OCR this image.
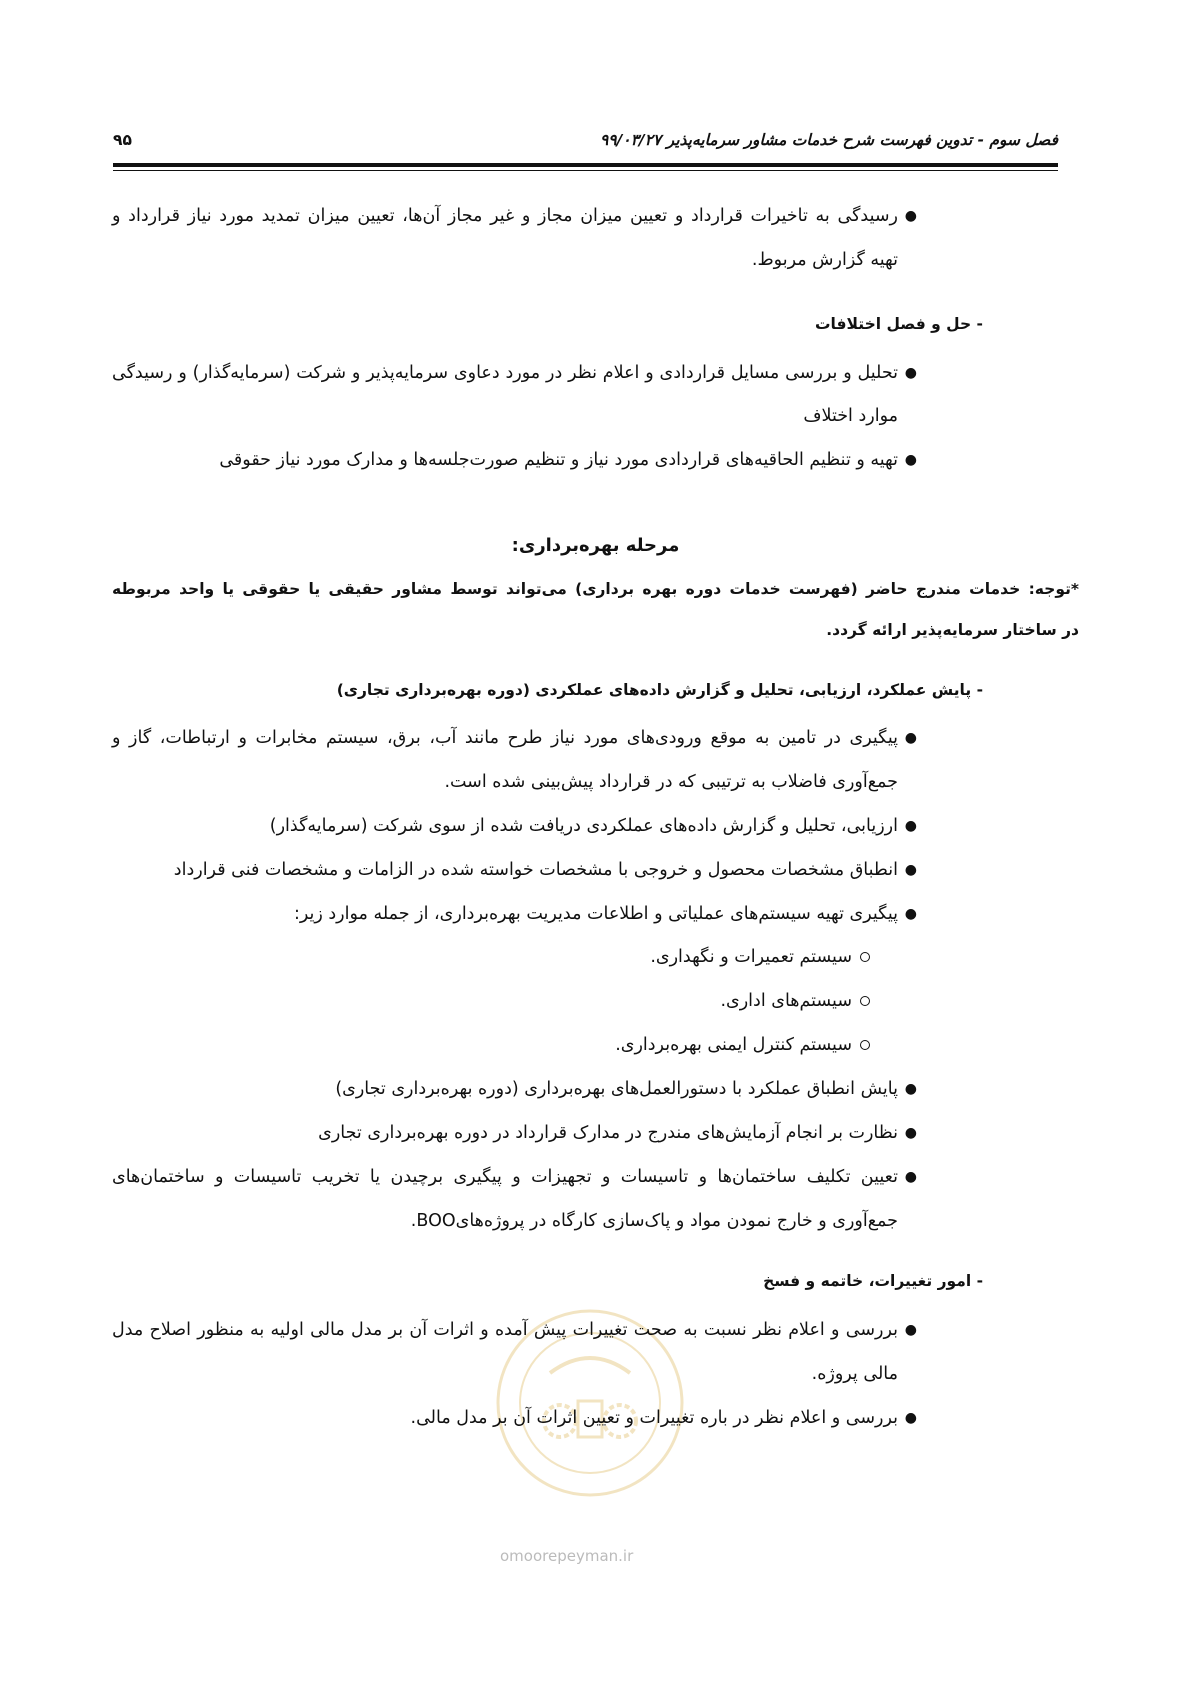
فصل سوم - تدوین فهرست شرح خدمات مشاور سرمایه‌پذیر ۹۹/۰۳/۲۷
۹۵
●
رسیدگی به تاخیرات قرارداد و تعیین میزان مجاز و غیر مجاز آن‌ها، تعیین میزان تمدید مورد نیاز قرارداد و
تهیه گزارش مربوط.
- حل و فصل اختلافات
●
تحلیل و بررسی مسایل قراردادی و اعلام نظر در مورد دعاوی سرمایه‌پذیر و شرکت (سرمایه‌گذار) و رسیدگی
موارد اختلاف
●
تهیه و تنظیم الحاقیه‌های قراردادی مورد نیاز و تنظیم صورت‌جلسه‌ها و مدارک مورد نیاز حقوقی
مرحله بهره‌برداری:
*توجه: خدمات مندرج حاضر (فهرست خدمات دوره بهره برداری) می‌تواند توسط مشاور حقیقی یا حقوقی یا واحد مربوطه
در ساختار سرمایه‌پذیر ارائه گردد.
- پایش عملکرد، ارزیابی، تحلیل و گزارش داده‌های عملکردی (دوره بهره‌برداری تجاری)
●
پیگیری در تامین به موقع ورودی‌های مورد نیاز طرح مانند آب، برق، سیستم مخابرات و ارتباطات، گاز و
جمع‌آوری فاضلاب به ترتیبی که در قرارداد پیش‌بینی شده است.
●
ارزیابی، تحلیل و گزارش داده‌های عملکردی دریافت شده از سوی شرکت (سرمایه‌گذار)
●
انطباق مشخصات محصول و خروجی با مشخصات خواسته شده در الزامات و مشخصات فنی قرارداد
●
پیگیری تهیه سیستم‌های عملیاتی و اطلاعات مدیریت بهره‌برداری، از جمله موارد زیر:
سیستم تعمیرات و نگهداری.
سیستم‌های اداری.
سیستم کنترل ایمنی بهره‌برداری.
●
پایش انطباق عملکرد با دستورالعمل‌های بهره‌برداری (دوره بهره‌برداری تجاری)
●
نظارت بر انجام آزمایش‌های مندرج در مدارک قرارداد در دوره بهره‌برداری تجاری
●
تعیین تکلیف ساختمان‌ها و تاسیسات و تجهیزات و پیگیری برچیدن یا تخریب تاسیسات و ساختمان‌های
جمع‌آوری و خارج نمودن مواد و پاک‌سازی کارگاه در پروژه‌هایBOO.
omoorepeyman.ir
- امور تغییرات، خاتمه و فسخ
●
بررسی و اعلام نظر نسبت به صحت تغییرات پیش آمده و اثرات آن بر مدل مالی اولیه به منظور اصلاح مدل
مالی پروژه.
●
بررسی و اعلام نظر در باره تغییرات و تعیین اثرات آن بر مدل مالی.
